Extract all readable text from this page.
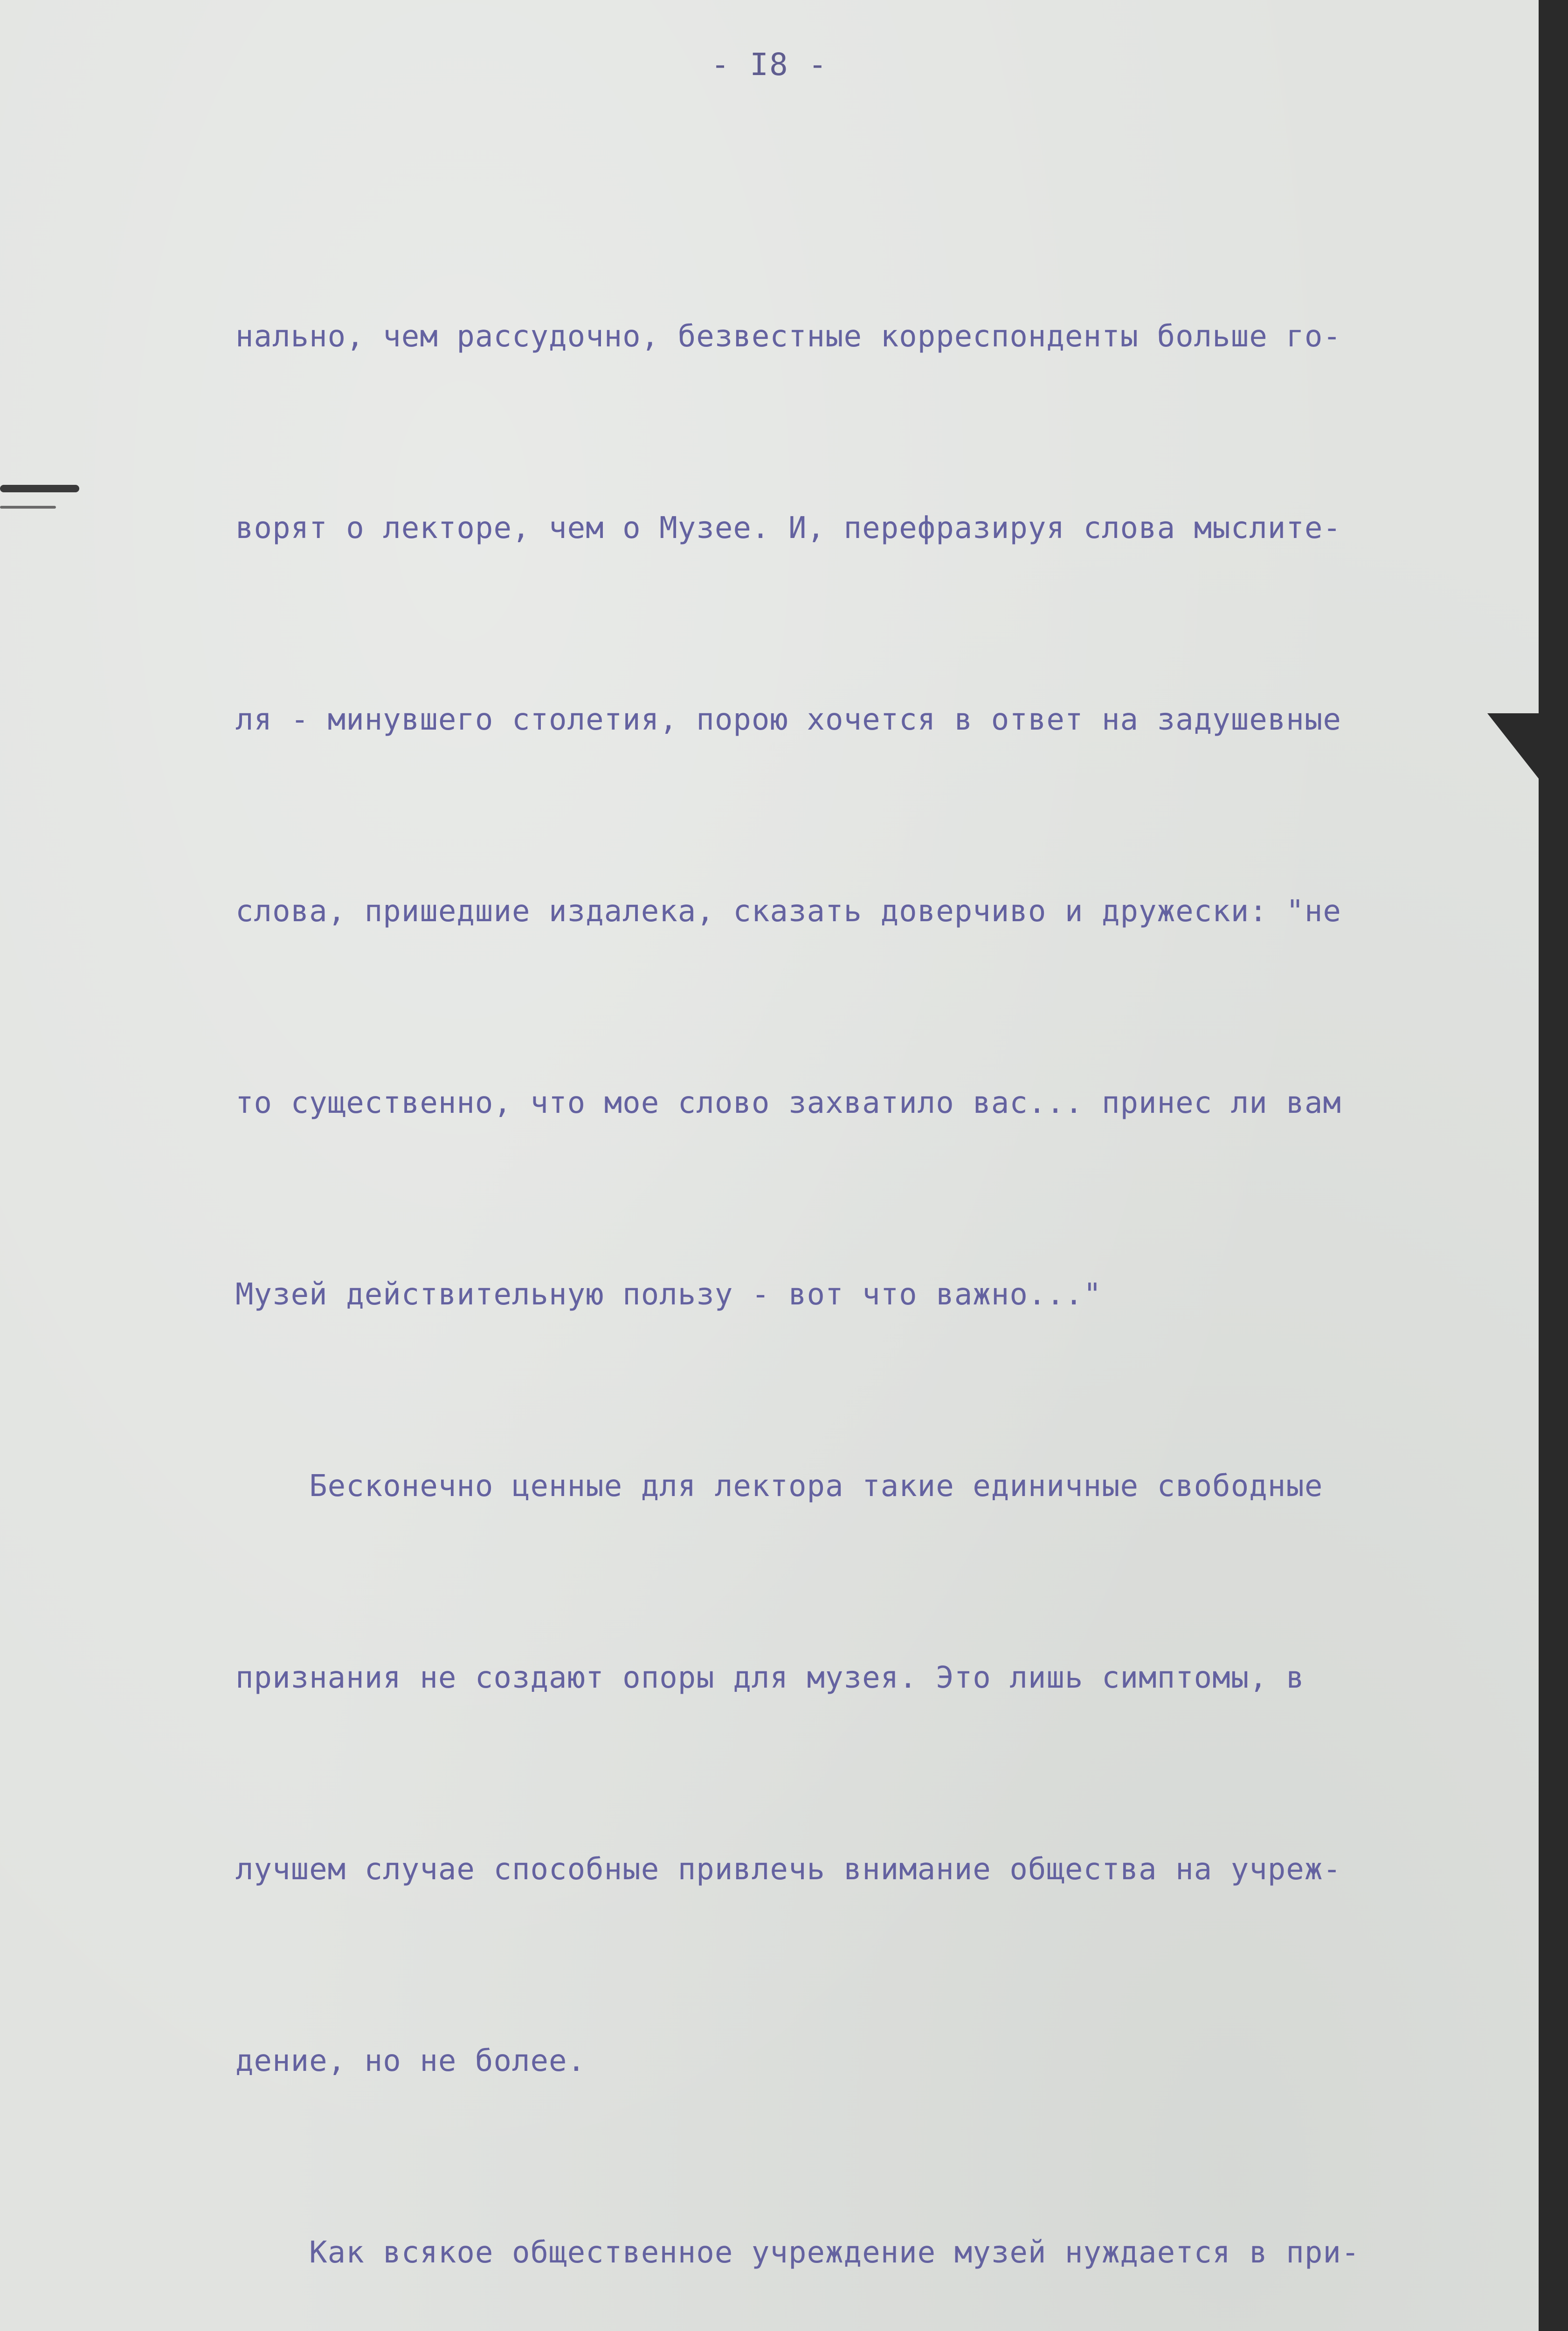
- I8 -

нально, чем рассудочно, безвестные корреспонденты больше го-

ворят о лекторе, чем о Музее. И, перефразируя слова мыслите-

ля - минувшего столетия, порою хочется в ответ на задушевные

слова, пришедшие издалека, сказать доверчиво и дружески: "не

то существенно, что мое слово захватило вас... принес ли вам

Музей действительную пользу - вот что важно..."

Бесконечно ценные для лектора такие единичные свободные

признания не создают опоры для музея. Это лишь симптомы, в

лучшем случае способные привлечь внимание общества на учреж-

дение, но не более.

Как всякое общественное учреждение музей нуждается в при-
